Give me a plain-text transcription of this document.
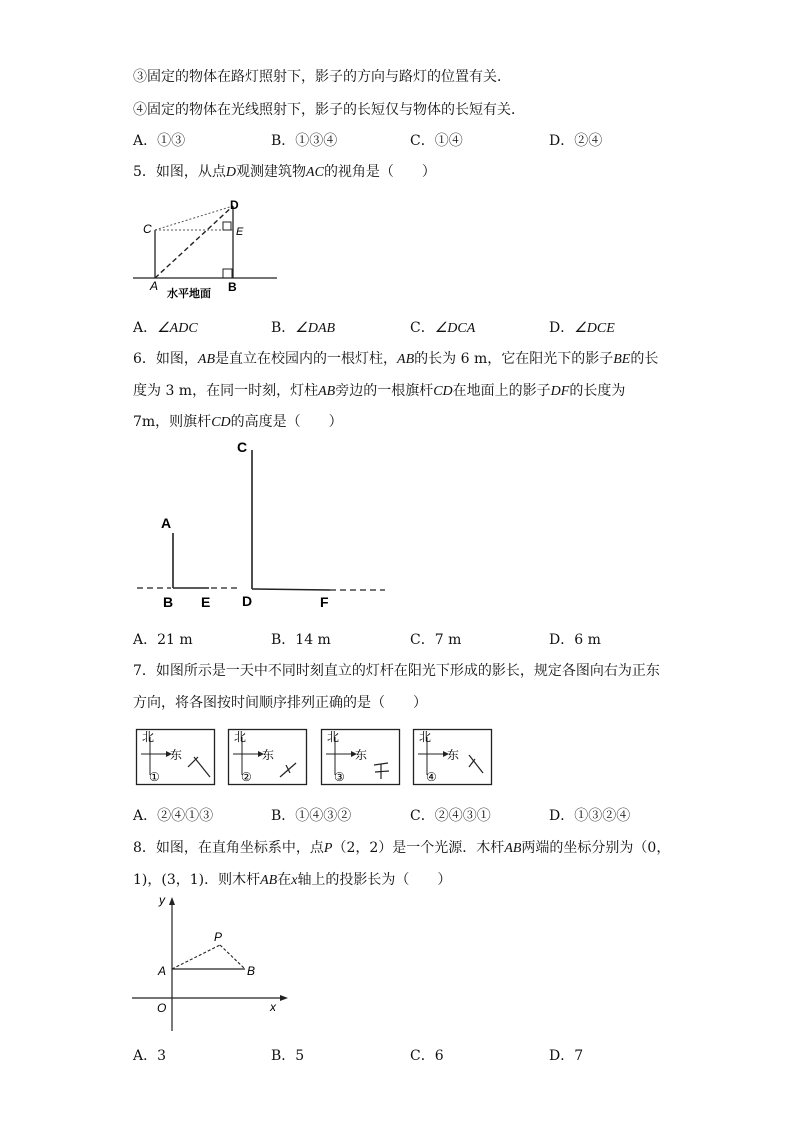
③固定的物体在路灯照射下，影子的方向与路灯的位置有关．
④固定的物体在光线照射下，影子的长短仅与物体的长短有关．
A．①③	B．①③④	C．①④	D．②④
5．如图，从点D观测建筑物AC的视角是（　　）
C
D
E
A	B
水平地面
A．∠ADC	B．∠DAB	C．∠DCA	D．∠DCE
6．如图，AB是直立在校园内的一根灯柱，AB的长为 6 m，它在阳光下的影子BE的长
度为 3 m，在同一时刻，灯柱AB旁边的一根旗杆CD在地面上的影子DF的长度为
7m，则旗杆CD的高度是（　　）
A
B E
C
D	F
A．21 m	B．14 m	C．7 m	D．6 m
7．如图所示是一天中不同时刻直立的灯杆在阳光下形成的影长，规定各图向右为正东
方向，将各图按时间顺序排列正确的是（　　）
北
东
①
北
东
②
北
东
③
北
东
④
A．②④①③	B．①④③②	C．②④③①	D．①③②④
8．如图，在直角坐标系中，点P（2，2）是一个光源．木杆AB两端的坐标分别为（0，
1)，(3，1)．则木杆AB在x轴上的投影长为（　　）
y
x
O
A	B
P
A．3	B．5	C．6	D．7
